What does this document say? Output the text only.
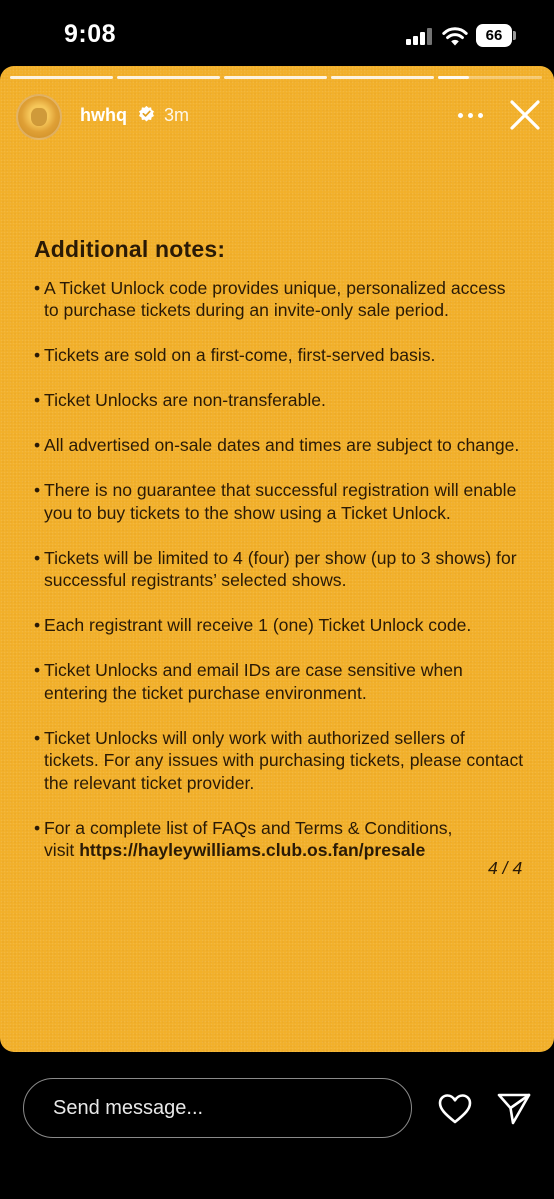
9:08	66
hwhq 3m
Additional notes:
• A Ticket Unlock code provides unique, personalized access to purchase tickets during an invite-only sale period.
• Tickets are sold on a first-come, first-served basis.
• Ticket Unlocks are non-transferable.
• All advertised on-sale dates and times are subject to change.
• There is no guarantee that successful registration will enable you to buy tickets to the show using a Ticket Unlock.
• Tickets will be limited to 4 (four) per show (up to 3 shows) for successful registrants’ selected shows.
• Each registrant will receive 1 (one) Ticket Unlock code.
• Ticket Unlocks and email IDs are case sensitive when entering the ticket purchase environment.
• Ticket Unlocks will only work with authorized sellers of tickets. For any issues with purchasing tickets, please contact the relevant ticket provider.
• For a complete list of FAQs and Terms & Conditions, visit https://hayleywilliams.club.os.fan/presale
4 / 4
Send message...
